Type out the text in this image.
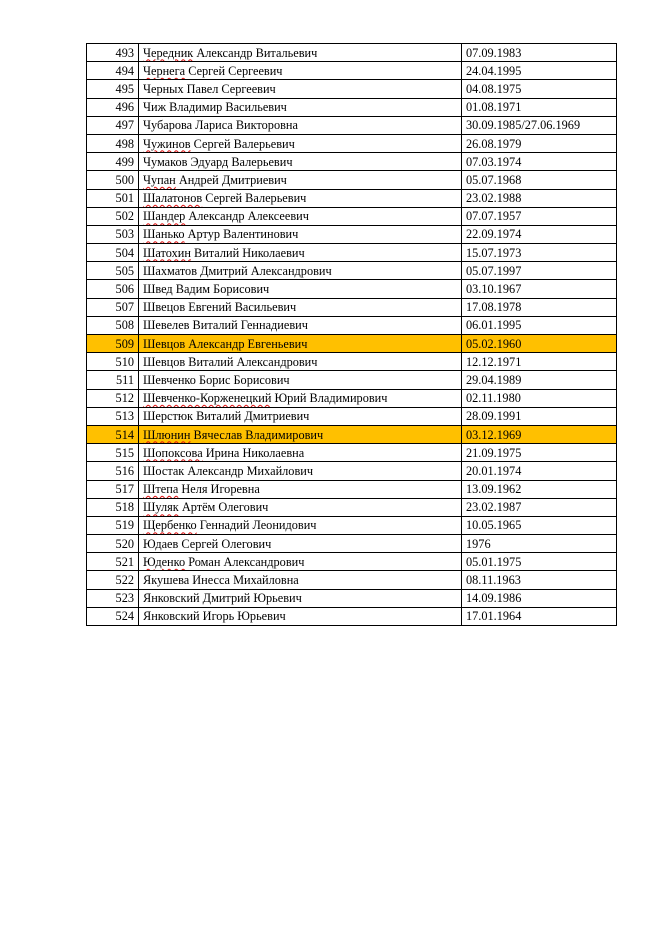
493	Чередник Александр Витальевич	07.09.1983
494	Чернега Сергей Сергеевич	24.04.1995
495	Черных Павел Сергеевич	04.08.1975
496	Чиж Владимир Васильевич	01.08.1971
497	Чубарова Лариса Викторовна	30.09.1985/27.06.1969
498	Чужинов Сергей Валерьевич	26.08.1979
499	Чумаков Эдуард Валерьевич	07.03.1974
500	Чупан Андрей Дмитриевич	05.07.1968
501	Шалатонов Сергей Валерьевич	23.02.1988
502	Шандер Александр Алексеевич	07.07.1957
503	Шанько Артур Валентинович	22.09.1974
504	Шатохин Виталий Николаевич	15.07.1973
505	Шахматов Дмитрий Александрович	05.07.1997
506	Швед Вадим Борисович	03.10.1967
507	Швецов Евгений Васильевич	17.08.1978
508	Шевелев Виталий Геннадиевич	06.01.1995
509	Шевцов Александр Евгеньевич	05.02.1960
510	Шевцов Виталий Александрович	12.12.1971
511	Шевченко Борис Борисович	29.04.1989
512	Шевченко-Корженецкий Юрий Владимирович	02.11.1980
513	Шерстюк Виталий Дмитриевич	28.09.1991
514	Шлюнин Вячеслав Владимирович	03.12.1969
515	Шопоксова Ирина Николаевна	21.09.1975
516	Шостак Александр Михайлович	20.01.1974
517	Штепа Неля Игоревна	13.09.1962
518	Шуляк Артём Олегович	23.02.1987
519	Щербенко Геннадий Леонидович	10.05.1965
520	Юдаев Сергей Олегович	1976
521	Юденко Роман Александрович	05.01.1975
522	Якушева Инесса Михайловна	08.11.1963
523	Янковский Дмитрий Юрьевич	14.09.1986
524	Янковский Игорь Юрьевич	17.01.1964
